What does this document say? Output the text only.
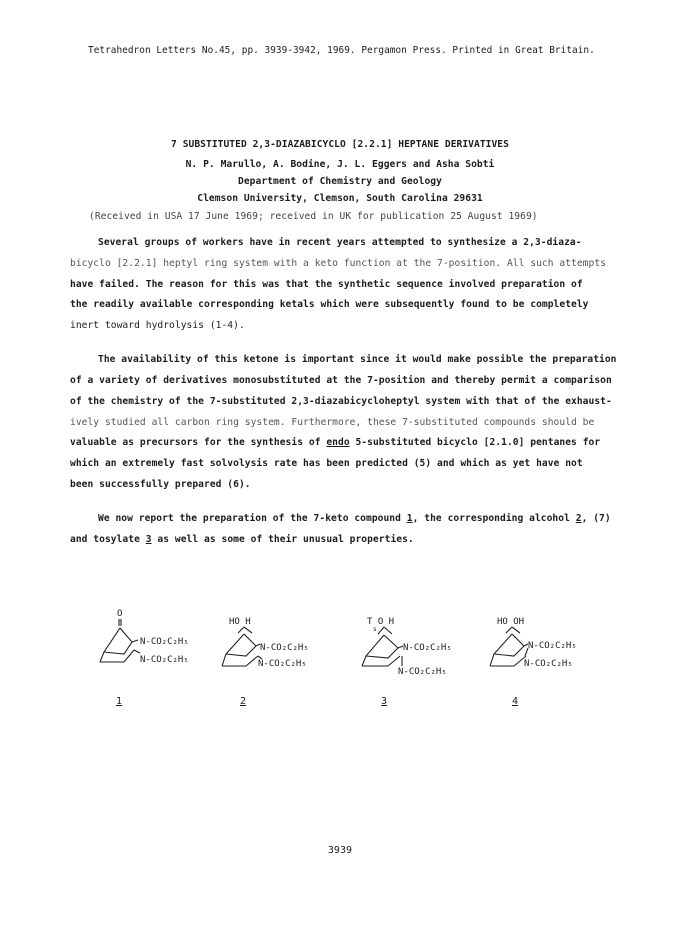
Tetrahedron Letters No.45, pp. 3939-3942, 1969. Pergamon Press. Printed in Great Britain.
7 SUBSTITUTED 2,3-DIAZABICYCLO [2.2.1] HEPTANE DERIVATIVES
N. P. Marullo, A. Bodine, J. L. Eggers and Asha Sobti
Department of Chemistry and Geology
Clemson University, Clemson, South Carolina 29631
(Received in USA 17 June 1969; received in UK for publication 25 August 1969)
Several groups of workers have in recent years attempted to synthesize a 2,3-diaza-
bicyclo [2.2.1] heptyl ring system with a keto function at the 7-position. All such attempts
have failed. The reason for this was that the synthetic sequence involved preparation of
the readily available corresponding ketals which were subsequently found to be completely
inert toward hydrolysis (1-4).
The availability of this ketone is important since it would make possible the preparation
of a variety of derivatives monosubstituted at the 7-position and thereby permit a comparison
of the chemistry of the 7-substituted 2,3-diazabicycloheptyl system with that of the exhaust-
ively studied all carbon ring system. Furthermore, these 7-substituted compounds should be
valuable as precursors for the synthesis of endo 5-substituted bicyclo [2.1.0] pentanes for
which an extremely fast solvolysis rate has been predicted (5) and which as yet have not
been successfully prepared (6).
We now report the preparation of the 7-keto compound 1, the corresponding alcohol 2, (7)
and tosylate 3 as well as some of their unusual properties.
O
N-CO₂C₂H₅
N-CO₂C₂H₅
HO H
N-CO₂C₂H₅
N-CO₂C₂H₅
T O H
s
N-CO₂C₂H₅
N-CO₂C₂H₅
HO OH
N-CO₂C₂H₅
N-CO₂C₂H₅
1	2	3	4
3939
